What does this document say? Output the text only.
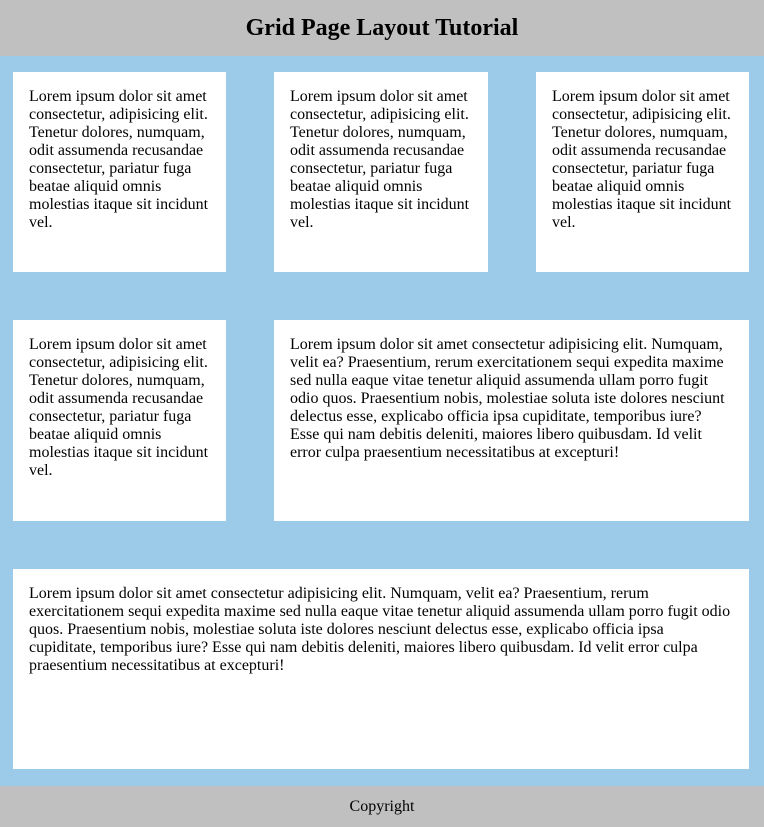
Grid Page Layout Tutorial

Lorem ipsum dolor sit amet consectetur, adipisicing elit. Tenetur dolores, numquam, odit assumenda recusandae consectetur, pariatur fuga beatae aliquid omnis molestias itaque sit incidunt vel.

Lorem ipsum dolor sit amet consectetur, adipisicing elit. Tenetur dolores, numquam, odit assumenda recusandae consectetur, pariatur fuga beatae aliquid omnis molestias itaque sit incidunt vel.

Lorem ipsum dolor sit amet consectetur, adipisicing elit. Tenetur dolores, numquam, odit assumenda recusandae consectetur, pariatur fuga beatae aliquid omnis molestias itaque sit incidunt vel.

Lorem ipsum dolor sit amet consectetur, adipisicing elit. Tenetur dolores, numquam, odit assumenda recusandae consectetur, pariatur fuga beatae aliquid omnis molestias itaque sit incidunt vel.

Lorem ipsum dolor sit amet consectetur adipisicing elit. Numquam, velit ea? Praesentium, rerum exercitationem sequi expedita maxime sed nulla eaque vitae tenetur aliquid assumenda ullam porro fugit odio quos. Praesentium nobis, molestiae soluta iste dolores nesciunt delectus esse, explicabo officia ipsa cupiditate, temporibus iure? Esse qui nam debitis deleniti, maiores libero quibusdam. Id velit error culpa praesentium necessitatibus at excepturi!

Lorem ipsum dolor sit amet consectetur adipisicing elit. Numquam, velit ea? Praesentium, rerum exercitationem sequi expedita maxime sed nulla eaque vitae tenetur aliquid assumenda ullam porro fugit odio quos. Praesentium nobis, molestiae soluta iste dolores nesciunt delectus esse, explicabo officia ipsa cupiditate, temporibus iure? Esse qui nam debitis deleniti, maiores libero quibusdam. Id velit error culpa praesentium necessitatibus at excepturi!

Copyright
